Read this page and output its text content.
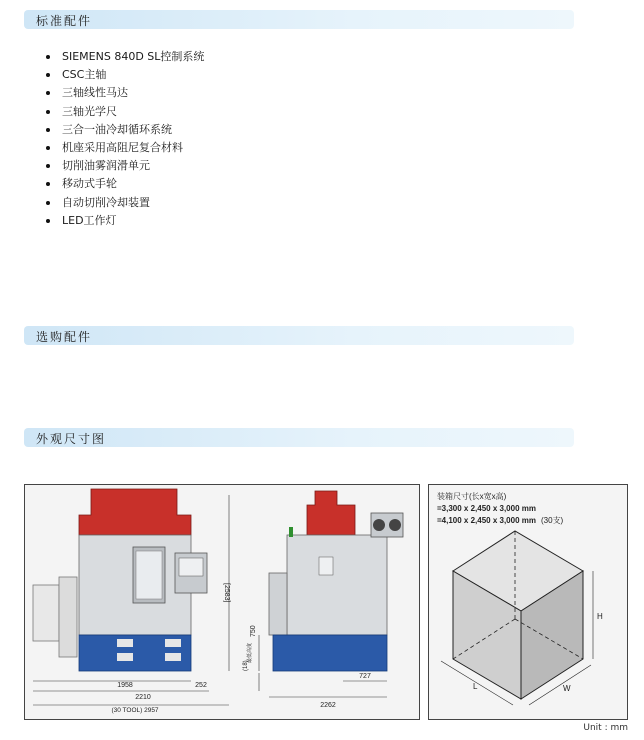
标准配件
SIEMENS 840D SL控制系统
CSC主轴
三轴线性马达
三轴光学尺
三合一油冷却循环系统
机座采用高阻尼复合材料
切削油雾润滑单元
移动式手轮
自动切削冷却装置
LED工作灯
选购配件
外观尺寸图
1958	252
2210
(30 TOOL) 2957
[2583]
750
(18)
727
2262
最低高度
装箱尺寸(长x宽x高)
=3,300 x 2,450 x 3,000 mm
=4,100 x 2,450 x 3,000 mm (30支)
L	W
H
Unit : mm
